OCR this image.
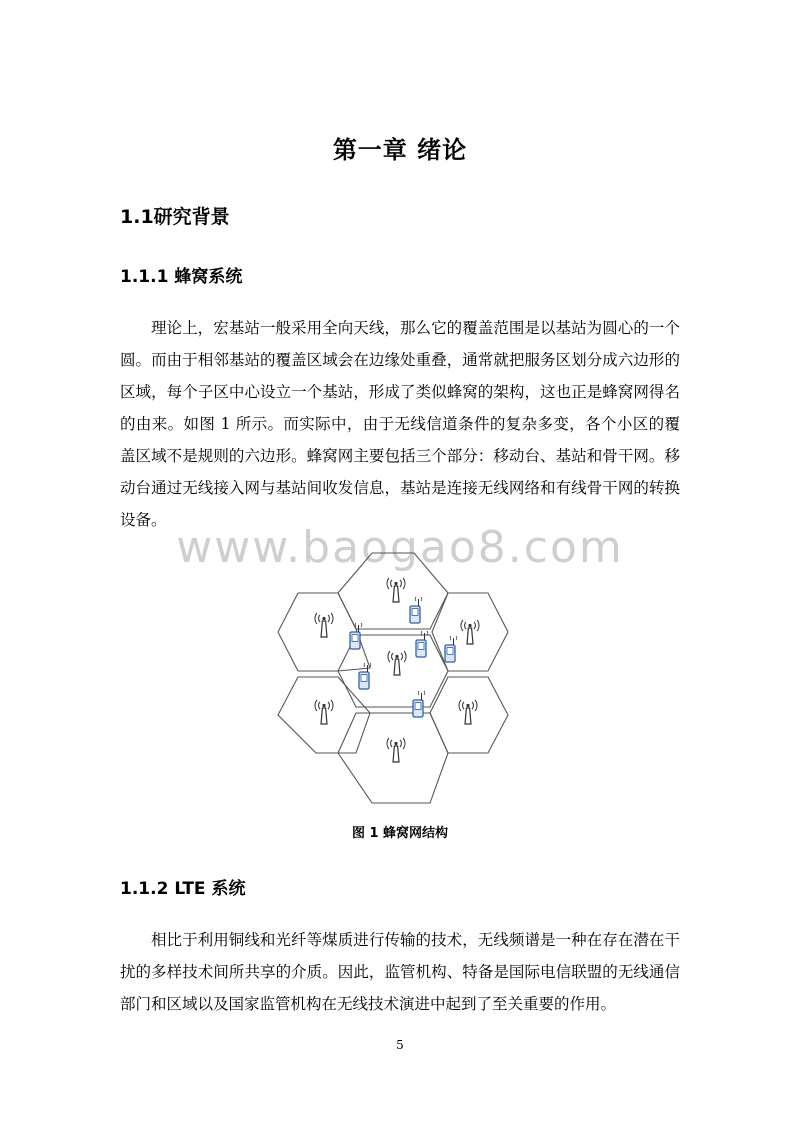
第一章 绪论
1.1研究背景
1.1.1 蜂窝系统

理论上，宏基站一般采用全向天线，那么它的覆盖范围是以基站为圆心的一个圆。而由于相邻基站的覆盖区域会在边缘处重叠，通常就把服务区划分成六边形的区域，每个子区中心设立一个基站，形成了类似蜂窝的架构，这也正是蜂窝网得名的由来。如图 1 所示。而实际中，由于无线信道条件的复杂多变，各个小区的覆盖区域不是规则的六边形。蜂窝网主要包括三个部分：移动台、基站和骨干网。移动台通过无线接入网与基站间收发信息，基站是连接无线网络和有线骨干网的转换设备。

www.baogao8.com
图 1 蜂窝网结构
1.1.2 LTE 系统

相比于利用铜线和光纤等煤质进行传输的技术，无线频谱是一种在存在潜在干扰的多样技术间所共享的介质。因此，监管机构、特备是国际电信联盟的无线通信部门和区域以及国家监管机构在无线技术演进中起到了至关重要的作用。

5
